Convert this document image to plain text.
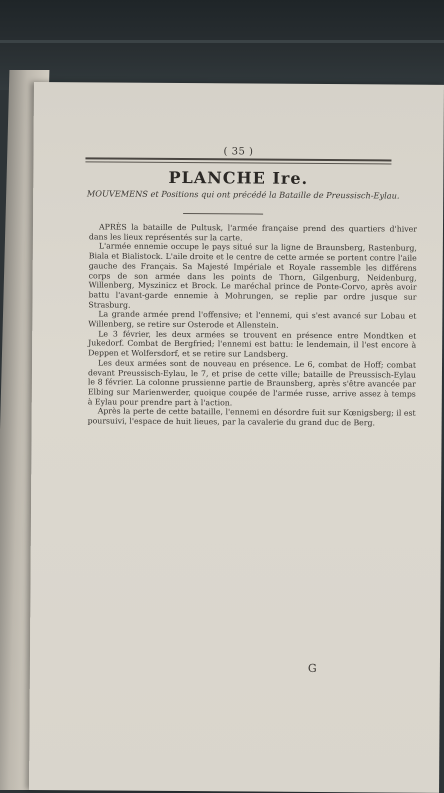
( 35 )
PLANCHE Ire.
MOUVEMENS et Positions qui ont précédé la Bataille de Preussisch-Eylau.

APRÈS la bataille de Pultusk, l'armée française prend des quartiers d'hiver dans les lieux représentés sur la carte.

L'armée ennemie occupe le pays situé sur la ligne de Braunsberg, Rastenburg, Biala et Bialistock. L'aile droite et le centre de cette armée se portent contre l'aile gauche des Français. Sa Majesté Impériale et Royale rassemble les différens corps de son armée dans les points de Thorn, Gilgenburg, Neidenburg, Willenberg, Myszinicz et Brock. Le maréchal prince de Ponte-Corvo, après avoir battu l'avant-garde ennemie à Mohrungen, se replie par ordre jusque sur Strasburg.

La grande armée prend l'offensive; et l'ennemi, qui s'est avancé sur Lobau et Willenberg, se retire sur Osterode et Allenstein.

Le 3 février, les deux armées se trouvent en présence entre Mondtken et Jukedorf. Combat de Bergfried; l'ennemi est battu: le lendemain, il l'est encore à Deppen et Wolfersdorf, et se retire sur Landsberg.

Les deux armées sont de nouveau en présence. Le 6, combat de Hoff; combat devant Preussisch-Eylau, le 7, et prise de cette ville; bataille de Preussisch-Eylau le 8 février. La colonne prussienne partie de Braunsberg, après s'être avancée par Elbing sur Marienwerder, quoique coupée de l'armée russe, arrive assez à temps à Eylau pour prendre part à l'action.

Après la perte de cette bataille, l'ennemi en désordre fuit sur Kœnigsberg; il est poursuivi, l'espace de huit lieues, par la cavalerie du grand duc de Berg.

G
